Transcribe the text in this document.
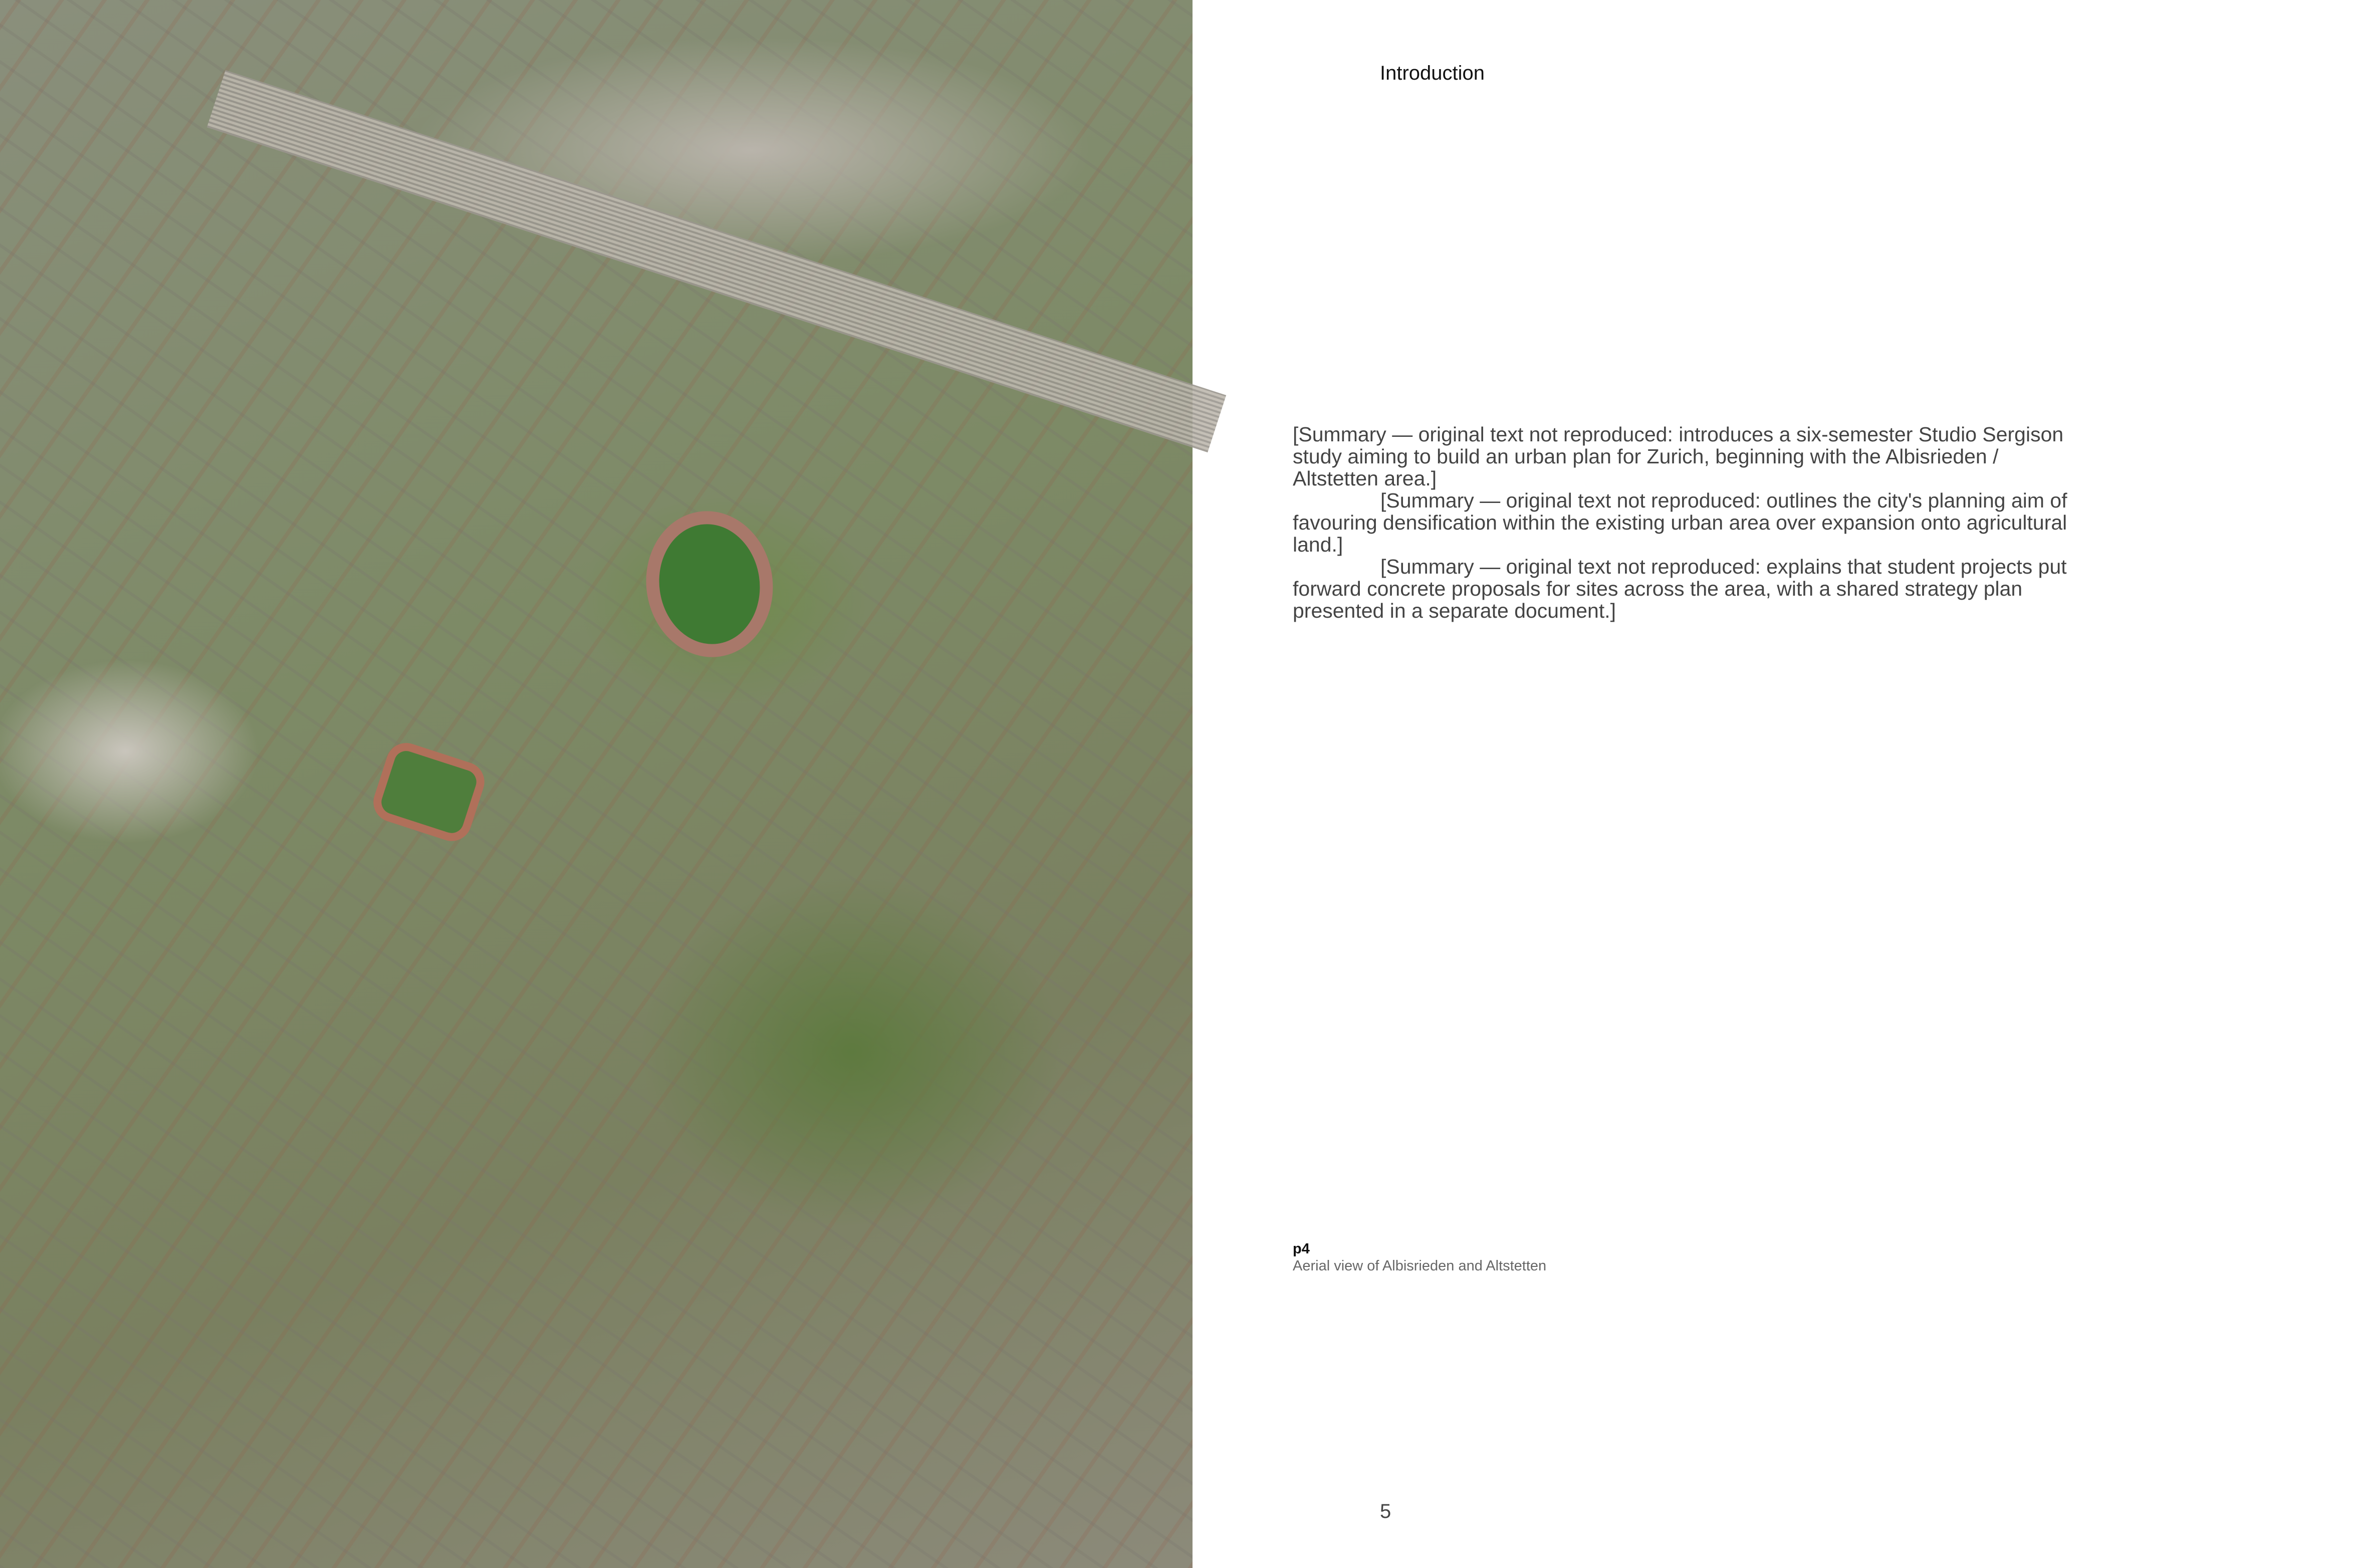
Introduction

[Summary — original text not reproduced: introduces a six-semester Studio Sergison study aiming to build an urban plan for Zurich, beginning with the Albisrieden / Altstetten area.]

[Summary — original text not reproduced: outlines the city's planning aim of favouring densification within the existing urban area over expansion onto agricultural land.]

[Summary — original text not reproduced: explains that student projects put forward concrete proposals for sites across the area, with a shared strategy plan presented in a separate document.]

p4
Aerial view of Albisrieden and Altstetten
5
